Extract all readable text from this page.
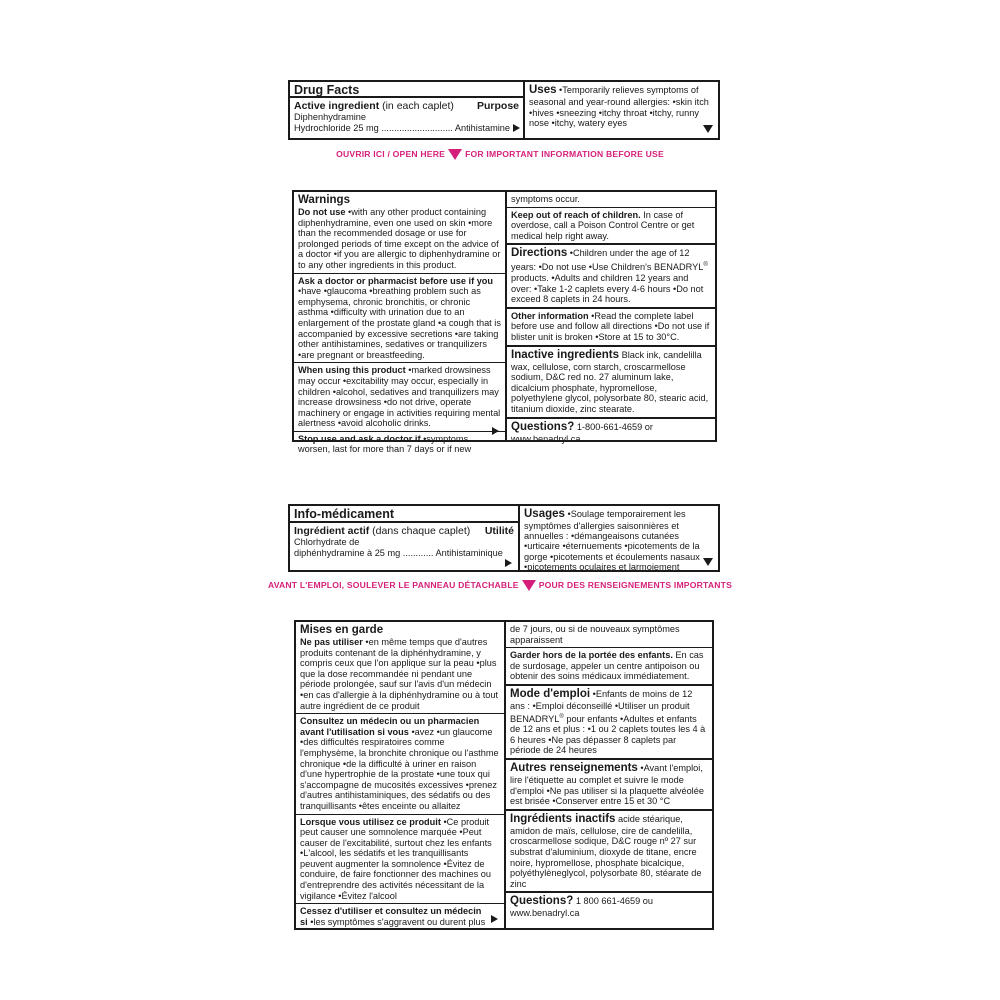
Drug Facts
Active ingredient (in each caplet) Purpose
Diphenhydramine
Hydrochloride 25 mg ............................ Antihistamine
Uses •Temporarily relieves symptoms of seasonal and year-round allergies: •skin itch •hives •sneezing •itchy throat •itchy, runny nose •itchy, watery eyes
OUVRIR ICI / OPEN HERE FOR IMPORTANT INFORMATION BEFORE USE
Warnings
Do not use •with any other product containing diphenhydramine, even one used on skin •more than the recommended dosage or use for prolonged periods of time except on the advice of a doctor •if you are allergic to diphenhydramine or to any other ingredients in this product.
Ask a doctor or pharmacist before use if you •have •glaucoma •breathing problem such as emphysema, chronic bronchitis, or chronic asthma •difficulty with urination due to an enlargement of the prostate gland •a cough that is accompanied by excessive secretions •are taking other antihistamines, sedatives or tranquilizers •are pregnant or breastfeeding.
When using this product •marked drowsiness may occur •excitability may occur, especially in children •alcohol, sedatives and tranquilizers may increase drowsiness •do not drive, operate machinery or engage in activities requiring mental alertness •avoid alcoholic drinks.
Stop use and ask a doctor if •symptoms worsen, last for more than 7 days or if new
symptoms occur.
Keep out of reach of children. In case of overdose, call a Poison Control Centre or get medical help right away.
Directions •Children under the age of 12 years: •Do not use •Use Children's BENADRYL® products. •Adults and children 12 years and over: •Take 1-2 caplets every 4-6 hours •Do not exceed 8 caplets in 24 hours.
Other information •Read the complete label before use and follow all directions •Do not use if blister unit is broken •Store at 15 to 30°C.
Inactive ingredients Black ink, candelilla wax, cellulose, corn starch, croscarmellose sodium, D&C red no. 27 aluminum lake, dicalcium phosphate, hypromellose, polyethylene glycol, polysorbate 80, stearic acid, titanium dioxide, zinc stearate.
Questions? 1-800-661-4659 or www.benadryl.ca
Info-médicament
Ingrédient actif (dans chaque caplet) Utilité
Chlorhydrate de
diphénhydramine à 25 mg ............ Antihistaminique
Usages •Soulage temporairement les symptômes d'allergies saisonnières et annuelles : •démangeaisons cutanées •urticaire •éternuements •picotements de la gorge •picotements et écoulements nasaux •picotements oculaires et larmoiement
AVANT L'EMPLOI, SOULEVER LE PANNEAU DÉTACHABLE POUR DES RENSEIGNEMENTS IMPORTANTS
Mises en garde
Ne pas utiliser •en même temps que d'autres produits contenant de la diphénhydramine, y compris ceux que l'on applique sur la peau •plus que la dose recommandée ni pendant une période prolongée, sauf sur l'avis d'un médecin •en cas d'allergie à la diphénhydramine ou à tout autre ingrédient de ce produit
Consultez un médecin ou un pharmacien avant l'utilisation si vous •avez •un glaucome •des difficultés respiratoires comme l'emphysème, la bronchite chronique ou l'asthme chronique •de la difficulté à uriner en raison d'une hypertrophie de la prostate •une toux qui s'accompagne de mucosités excessives •prenez d'autres antihistaminiques, des sédatifs ou des tranquillisants •êtes enceinte ou allaitez
Lorsque vous utilisez ce produit •Ce produit peut causer une somnolence marquée •Peut causer de l'excitabilité, surtout chez les enfants •L'alcool, les sédatifs et les tranquillisants peuvent augmenter la somnolence •Évitez de conduire, de faire fonctionner des machines ou d'entreprendre des activités nécessitant de la vigilance •Évitez l'alcool
Cessez d'utiliser et consultez un médecin si •les symptômes s'aggravent ou durent plus
de 7 jours, ou si de nouveaux symptômes apparaissent
Garder hors de la portée des enfants. En cas de surdosage, appeler un centre antipoison ou obtenir des soins médicaux immédiatement.
Mode d'emploi •Enfants de moins de 12 ans : •Emploi déconseillé •Utiliser un produit BENADRYL® pour enfants •Adultes et enfants de 12 ans et plus : •1 ou 2 caplets toutes les 4 à 6 heures •Ne pas dépasser 8 caplets par période de 24 heures
Autres renseignements •Avant l'emploi, lire l'étiquette au complet et suivre le mode d'emploi •Ne pas utiliser si la plaquette alvéolée est brisée •Conserver entre 15 et 30 °C
Ingrédients inactifs acide stéarique, amidon de maïs, cellulose, cire de candelilla, croscarmellose sodique, D&C rouge nº 27 sur substrat d'aluminium, dioxyde de titane, encre noire, hypromellose, phosphate bicalcique, polyéthylèneglycol, polysorbate 80, stéarate de zinc
Questions? 1 800 661-4659 ou www.benadryl.ca
